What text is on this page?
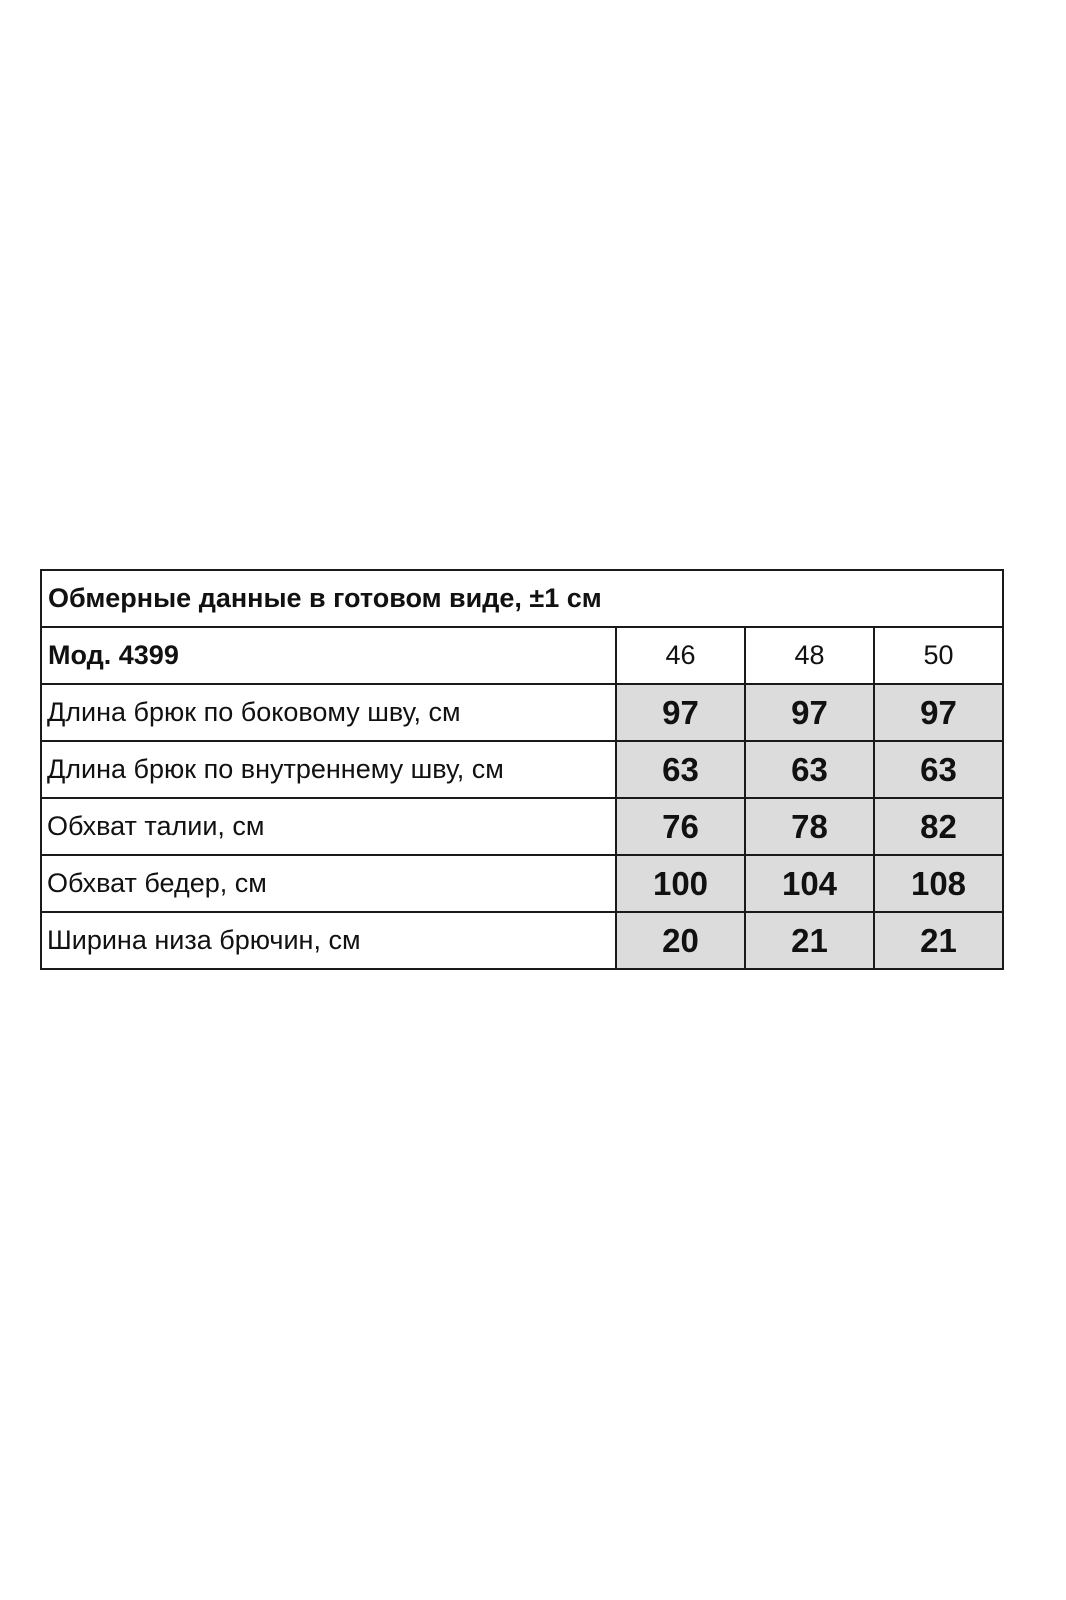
Обмерные данные в готовом виде, ±1 см			
Мод. 4399	46	48	50
Длина брюк по боковому шву, см	97	97	97
Длина брюк по внутреннему шву, см	63	63	63
Обхват талии, см	76	78	82
Обхват бедер, см	100	104	108
Ширина низа брючин, см	20	21	21
